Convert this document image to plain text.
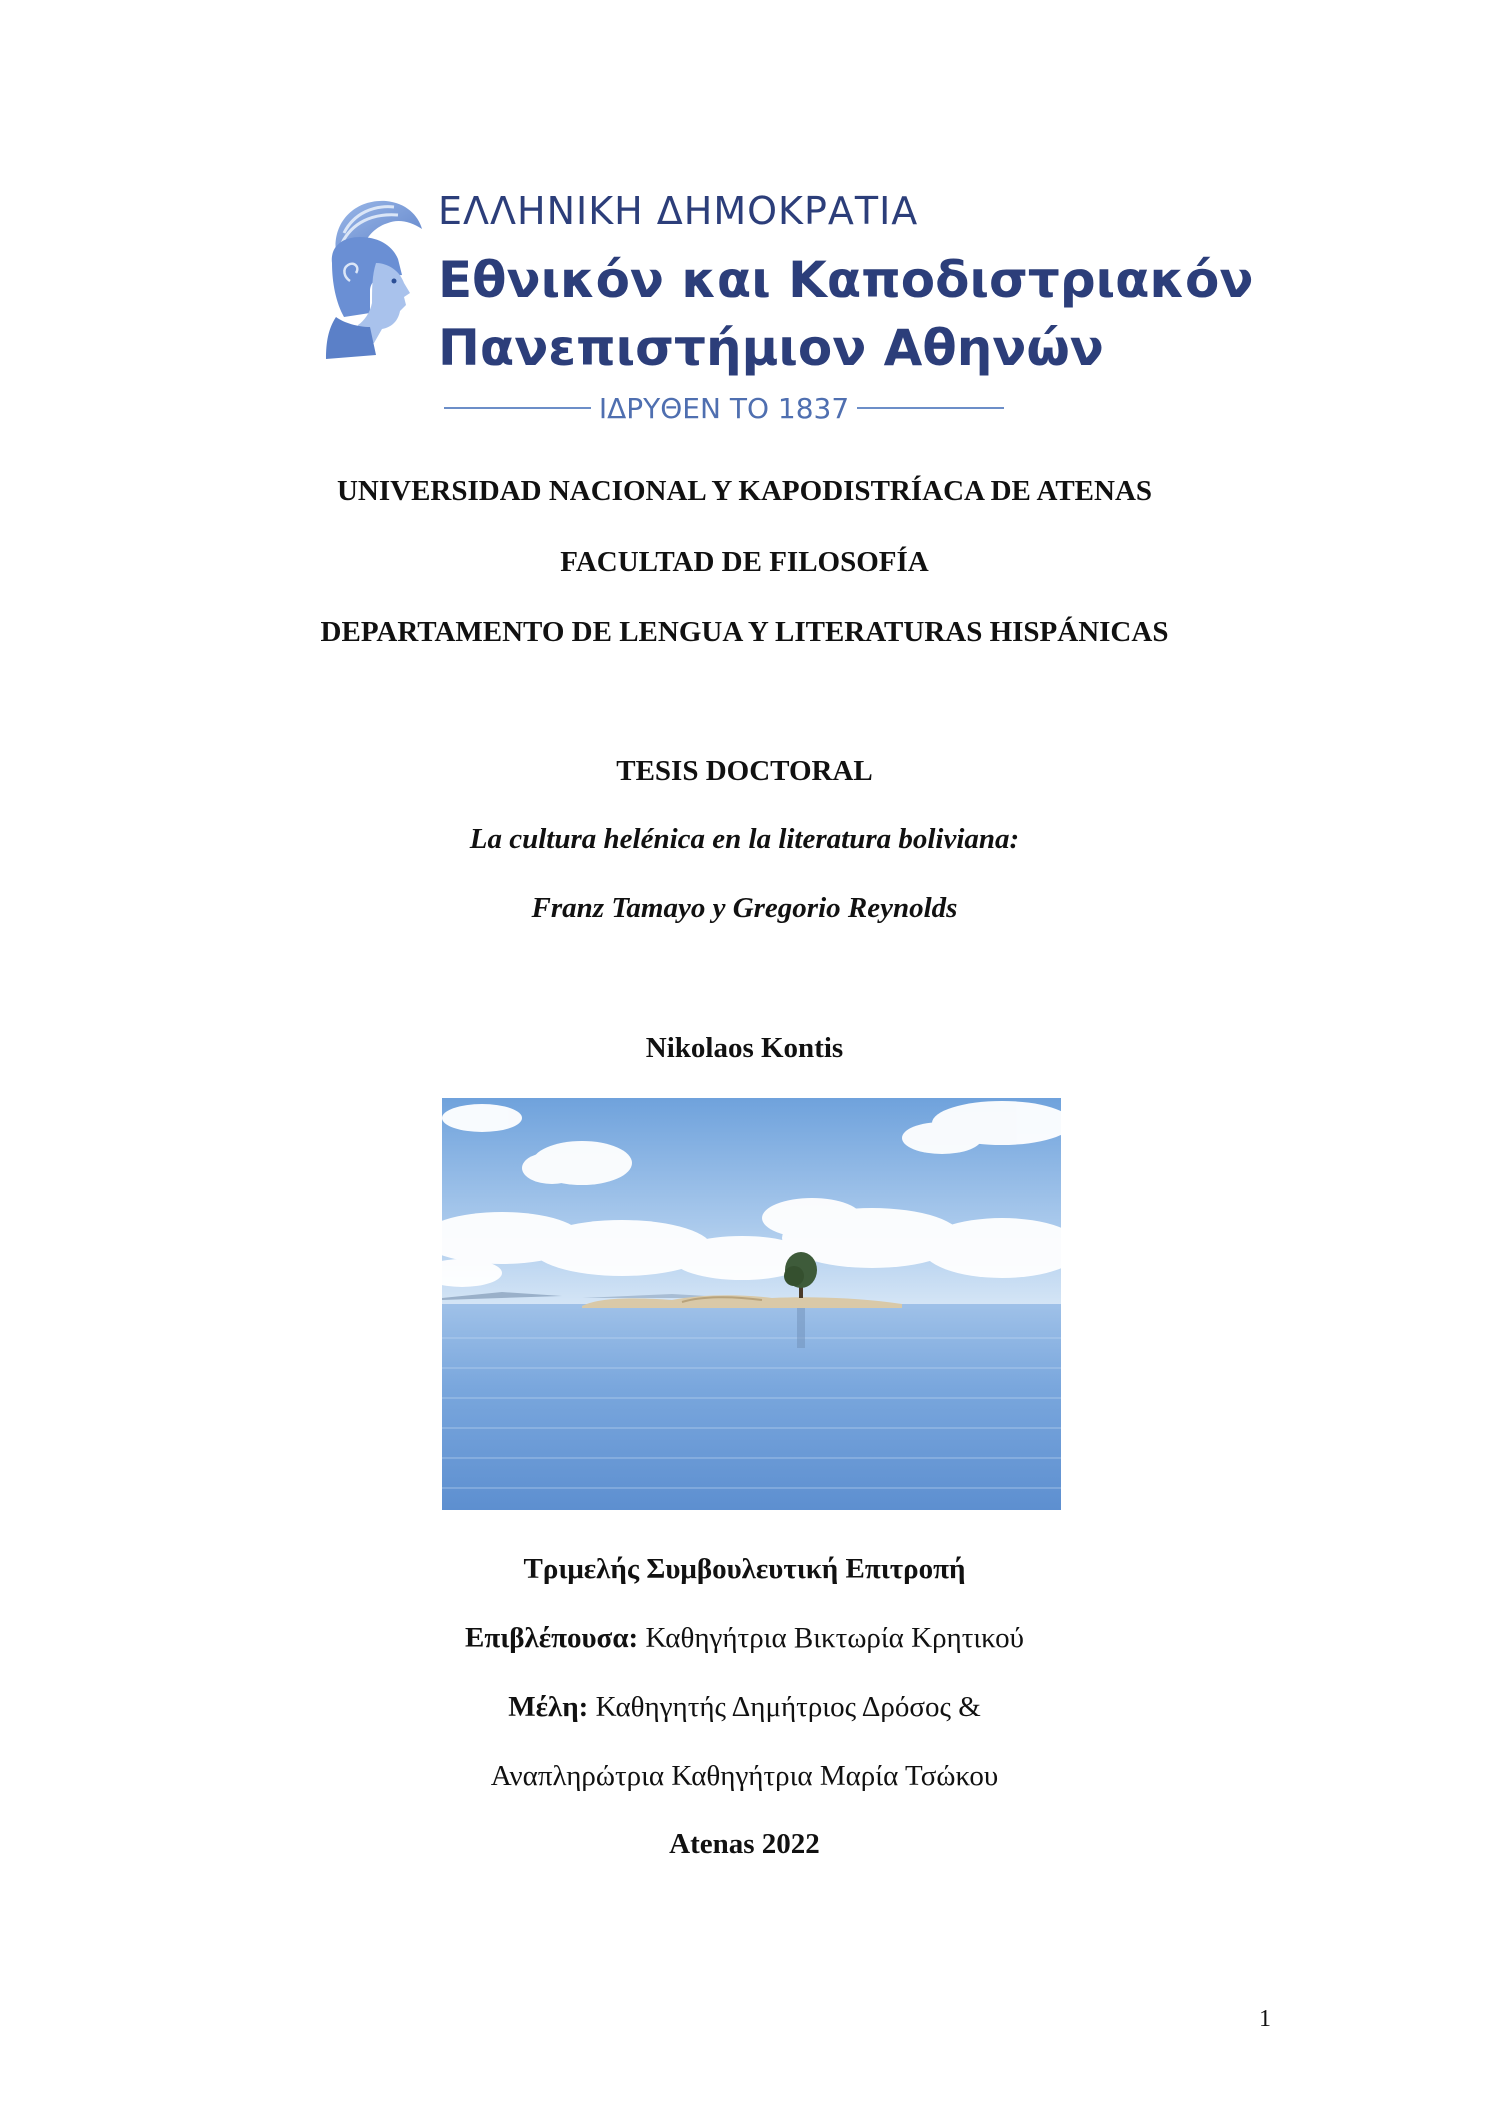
ΕΛΛΗΝΙΚΗ ΔΗΜΟΚΡΑΤΙΑ
Εθνικόν και Καποδιστριακόν
Πανεπιστήμιον Αθηνών
ΙΔΡΥΘΕΝ ΤΟ 1837
UNIVERSIDAD NACIONAL Y KAPODISTRÍACA DE ATENAS
FACULTAD DE FILOSOFÍA
DEPARTAMENTO DE LENGUA Y LITERATURAS HISPÁNICAS
TESIS DOCTORAL
La cultura helénica en la literatura boliviana:
Franz Tamayo y Gregorio Reynolds
Nikolaos Kontis
Τριμελής Συμβουλευτική Επιτροπή
Επιβλέπουσα: Καθηγήτρια Βικτωρία Κρητικού
Μέλη: Καθηγητής Δημήτριος Δρόσος &
Αναπληρώτρια Καθηγήτρια Μαρία Τσώκου
Atenas 2022
1
